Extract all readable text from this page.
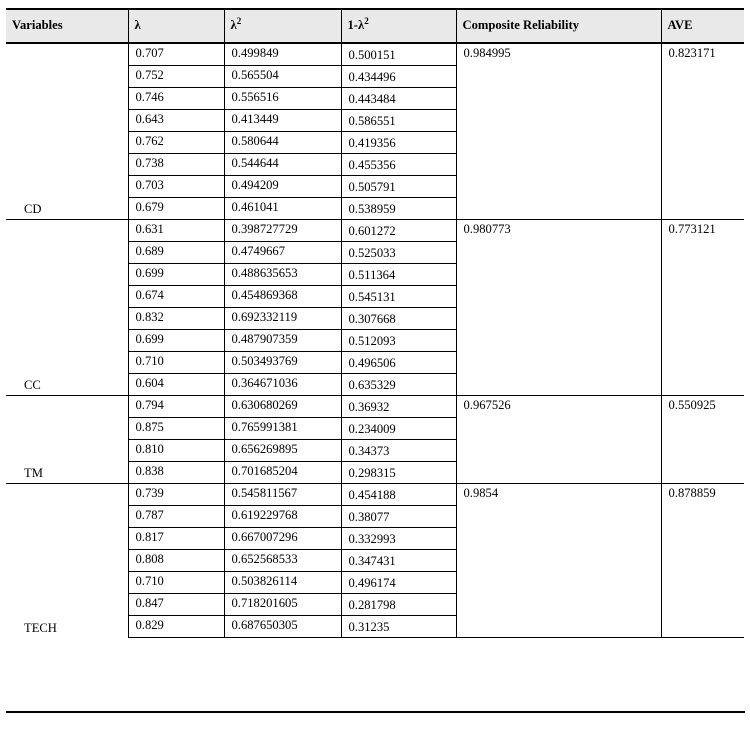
Variables	λ	$\lambda^2$	$1-\lambda^2$	Composite Reliability	AVE
CD	0.707	0.499849	0.500151	0.984995	0.823171
	0.752	0.565504	0.434496		
	0.746	0.556516	0.443484		
	0.643	0.413449	0.586551		
	0.762	0.580644	0.419356		
	0.738	0.544644	0.455356		
	0.703	0.494209	0.505791		
	0.679	0.461041	0.538959		
CC	0.631	0.398727729	0.601272	0.980773	0.773121
	0.689	0.4749667	0.525033		
	0.699	0.488635653	0.511364		
	0.674	0.454869368	0.545131		
	0.832	0.692332119	0.307668		
	0.699	0.487907359	0.512093		
	0.710	0.503493769	0.496506		
	0.604	0.364671036	0.635329		
TM	0.794	0.630680269	0.36932	0.967526	0.550925
	0.875	0.765991381	0.234009		
	0.810	0.656269895	0.34373		
	0.838	0.701685204	0.298315		
TECH	0.739	0.545811567	0.454188	0.9854	0.878859
	0.787	0.619229768	0.38077		
	0.817	0.667007296	0.332993		
	0.808	0.652568533	0.347431		
	0.710	0.503826114	0.496174		
	0.847	0.718201605	0.281798		
	0.829	0.687650305	0.31235		
